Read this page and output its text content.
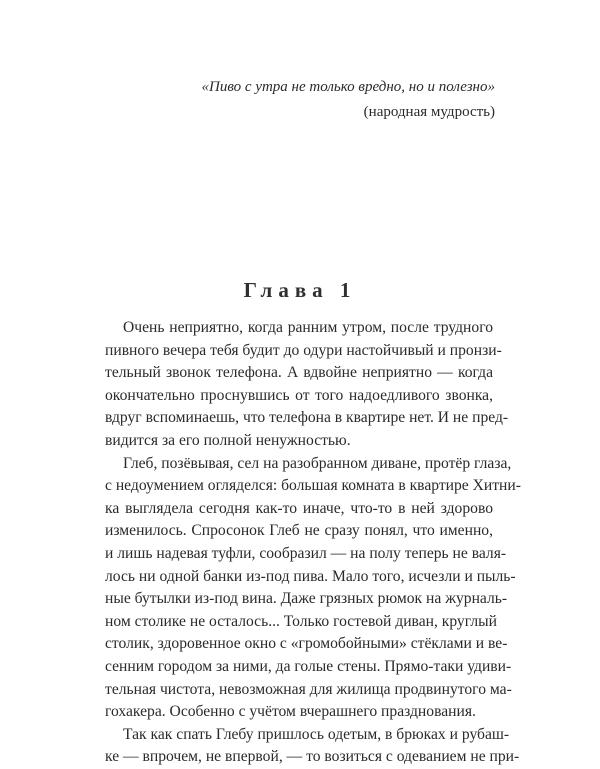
«Пиво с утра не только вредно, но и полезно»
(народная мудрость)
Глава 1
Очень неприятно, когда ранним утром, после трудного
пивного вечера тебя будит до одури настойчивый и пронзи-
тельный звонок телефона. А вдвойне неприятно — когда
окончательно проснувшись от того надоедливого звонка,
вдруг вспоминаешь, что телефона в квартире нет. И не пред-
видится за его полной ненужностью.
Глеб, позёвывая, сел на разобранном диване, протёр глаза,
с недоумением огляделся: большая комната в квартире Хитни-
ка выглядела сегодня как-то иначе, что-то в ней здорово
изменилось. Спросонок Глеб не сразу понял, что именно,
и лишь надевая туфли, сообразил — на полу теперь не валя-
лось ни одной банки из-под пива. Мало того, исчезли и пыль-
ные бутылки из-под вина. Даже грязных рюмок на журналь-
ном столике не осталось... Только гостевой диван, круглый
столик, здоровенное окно с «громобойными» стёклами и ве-
сенним городом за ними, да голые стены. Прямо-таки удиви-
тельная чистота, невозможная для жилища продвинутого ма-
гохакера. Особенно с учётом вчерашнего празднования.
Так как спать Глебу пришлось одетым, в брюках и рубаш-
ке — впрочем, не впервой, — то возиться с одеванием не при-
